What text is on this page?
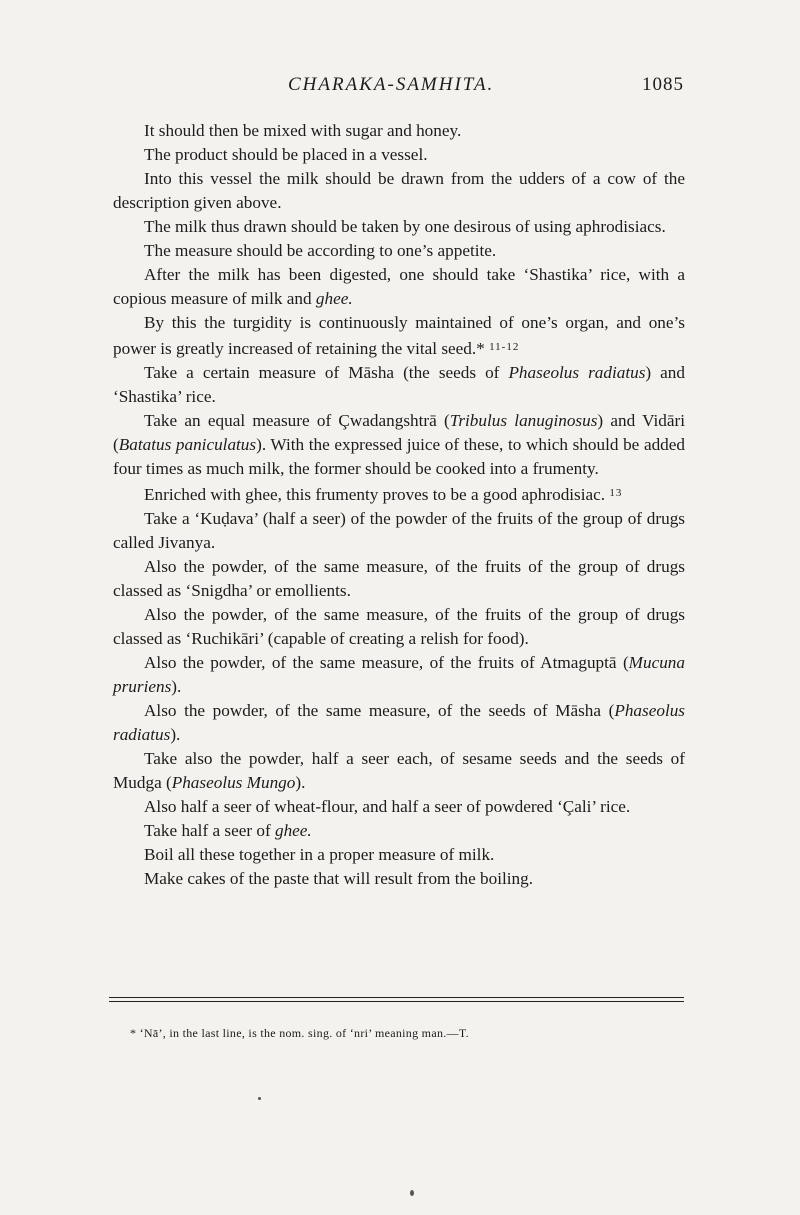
CHARAKA-SAMHITA.	1085

It should then be mixed with sugar and honey.

The product should be placed in a vessel.

Into this vessel the milk should be drawn from the udders of a cow of the description given above.

The milk thus drawn should be taken by one desirous of using aphrodisiacs.

The measure should be according to one’s appetite.

After the milk has been digested, one should take ‘Shastika’ rice, with a copious measure of milk and ghee.

By this the turgidity is continuously maintained of one’s organ, and one’s power is greatly increased of retaining the vital seed.* $^{11-12}$

Take a certain measure of Māsha (the seeds of Phaseolus radiatus) and ‘Shastika’ rice.

Take an equal measure of Çwadangshtrā (Tribulus lanuginosus) and Vidāri (Batatus paniculatus). With the expressed juice of these, to which should be added four times as much milk, the former should be cooked into a frumenty.

Enriched with ghee, this frumenty proves to be a good aphrodisiac. $^{13}$

Take a ‘Kuḍava’ (half a seer) of the powder of the fruits of the group of drugs called Jivanya.

Also the powder, of the same measure, of the fruits of the group of drugs classed as ‘Snigdha’ or emollients.

Also the powder, of the same measure, of the fruits of the group of drugs classed as ‘Ruchikāri’ (capable of creating a relish for food).

Also the powder, of the same measure, of the fruits of Atmaguptā (Mucuna pruriens).

Also the powder, of the same measure, of the seeds of Māsha (Phaseolus radiatus).

Take also the powder, half a seer each, of sesame seeds and the seeds of Mudga (Phaseolus Mungo).

Also half a seer of wheat-flour, and half a seer of powdered ‘Çali’ rice.

Take half a seer of ghee.

Boil all these together in a proper measure of milk.

Make cakes of the paste that will result from the boiling.

* ‘Nā’, in the last line, is the nom. sing. of ‘nri’ meaning man.—T.
